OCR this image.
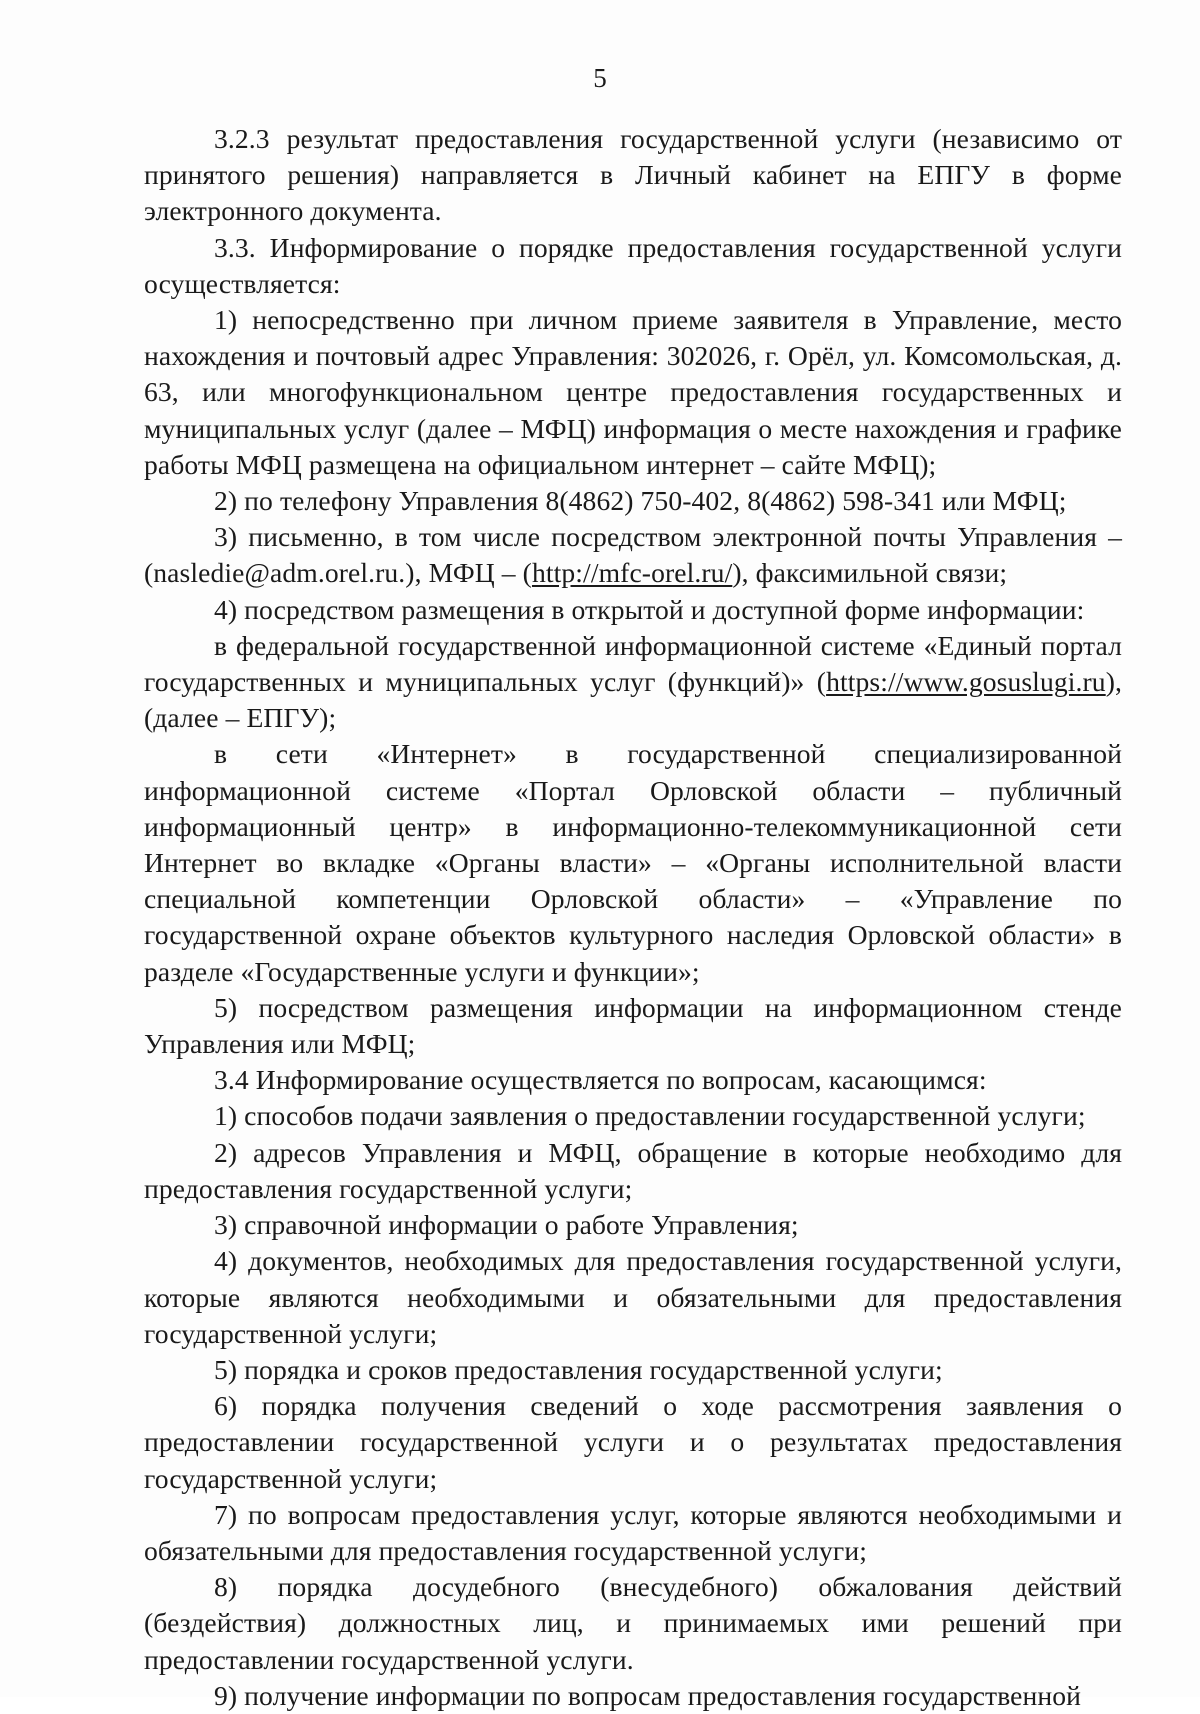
5

3.2.3 результат предоставления государственной услуги (независимо от принятого решения) направляется в Личный кабинет на ЕПГУ в форме электронного документа.

3.3. Информирование о порядке предоставления государственной услуги осуществляется:

1) непосредственно при личном приеме заявителя в Управление, место нахождения и почтовый адрес Управления: 302026, г. Орёл, ул. Комсомольская, д. 63, или многофункциональном центре предоставления государственных и муниципальных услуг (далее – МФЦ) информация о месте нахождения и графике работы МФЦ размещена на официальном интернет – сайте МФЦ);

2) по телефону Управления 8(4862) 750-402, 8(4862) 598-341 или МФЦ;

3) письменно, в том числе посредством электронной почты Управления – (nasledie@adm.orel.ru.), МФЦ – (http://mfc-orel.ru/), факсимильной связи;

4) посредством размещения в открытой и доступной форме информации:

в федеральной государственной информационной системе «Единый портал государственных и муниципальных услуг (функций)» (https://www.gosuslugi.ru), (далее – ЕПГУ);

в сети «Интернет» в государственной специализированной информационной системе «Портал Орловской области – публичный информационный центр» в информационно-телекоммуникационной сети Интернет во вкладке «Органы власти» – «Органы исполнительной власти специальной компетенции Орловской области» – «Управление по государственной охране объектов культурного наследия Орловской области» в разделе «Государственные услуги и функции»;

5) посредством размещения информации на информационном стенде Управления или МФЦ;

3.4 Информирование осуществляется по вопросам, касающимся:

1) способов подачи заявления о предоставлении государственной услуги;

2) адресов Управления и МФЦ, обращение в которые необходимо для предоставления государственной услуги;

3) справочной информации о работе Управления;

4) документов, необходимых для предоставления государственной услуги, которые являются необходимыми и обязательными для предоставления государственной услуги;

5) порядка и сроков предоставления государственной услуги;

6) порядка получения сведений о ходе рассмотрения заявления о предоставлении государственной услуги и о результатах предоставления государственной услуги;

7) по вопросам предоставления услуг, которые являются необходимыми и обязательными для предоставления государственной услуги;

8) порядка досудебного (внесудебного) обжалования действий (бездействия) должностных лиц, и принимаемых ими решений при предоставлении государственной услуги.

9) получение информации по вопросам предоставления государственной
